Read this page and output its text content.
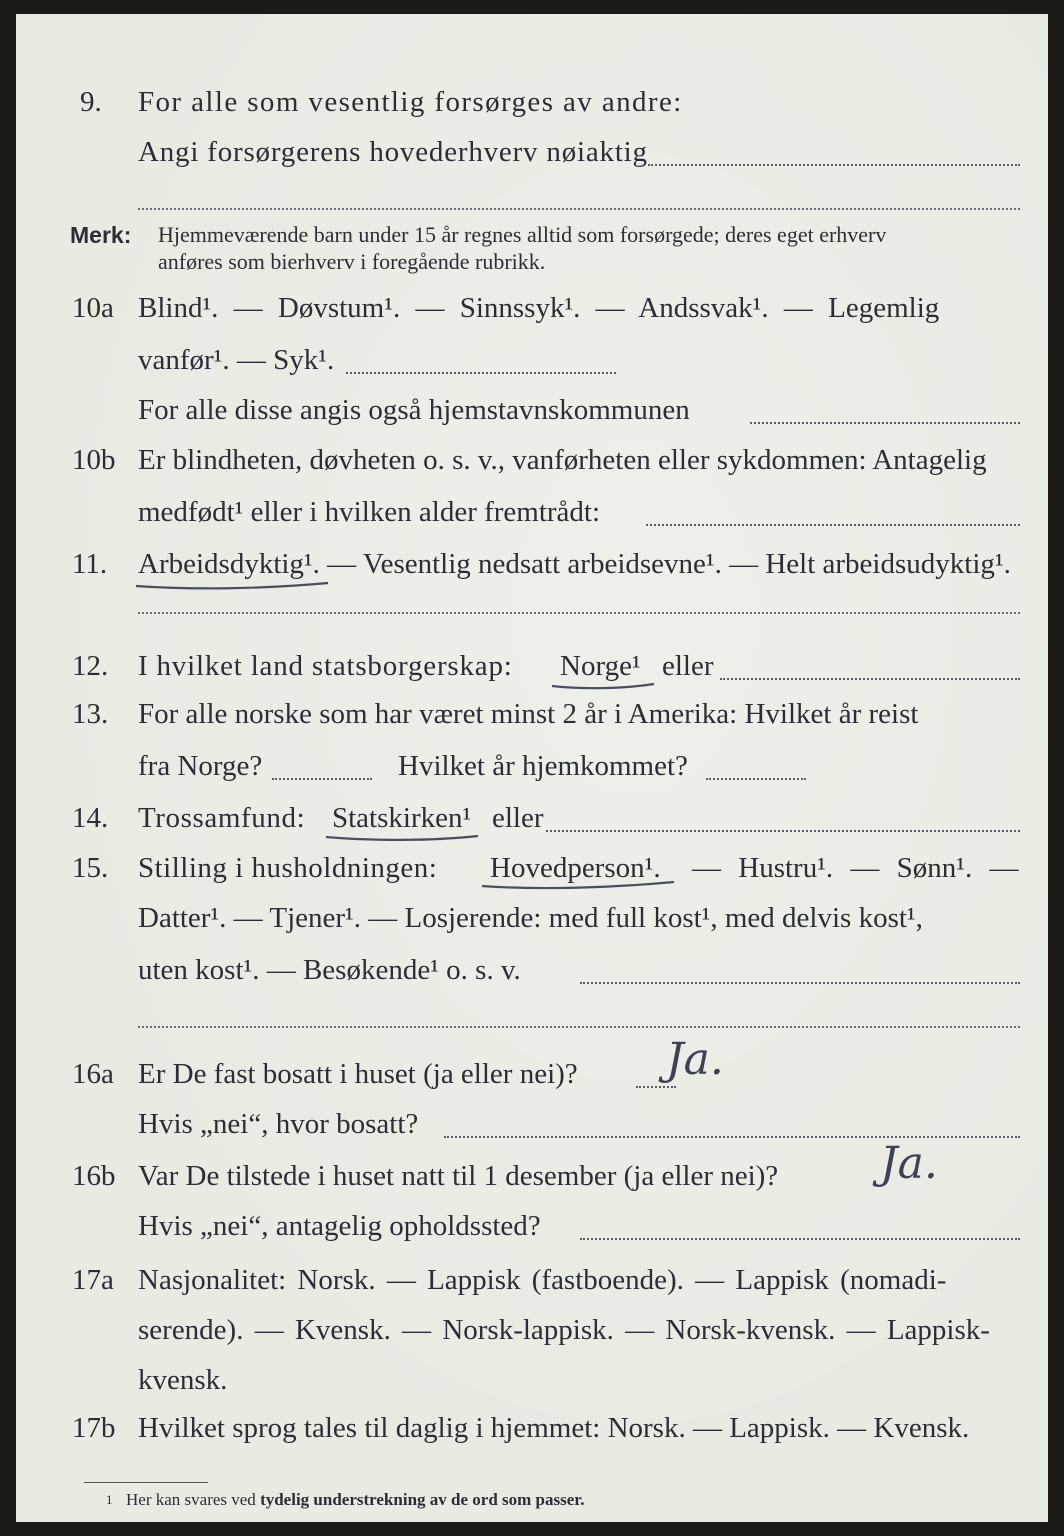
9. For alle som vesentlig forsørges av andre:
Angi forsørgerens hovederhverv nøiaktig
Merk: Hjemmeværende barn under 15 år regnes alltid som forsørgede; deres eget erhverv
anføres som bierhverv i foregående rubrikk.
10a Blind¹. — Døvstum¹. — Sinnssyk¹. — Andssvak¹. — Legemlig
vanfør¹. — Syk¹.
For alle disse angis også hjemstavnskommunen
10b Er blindheten, døvheten o. s. v., vanførheten eller sykdommen: Antagelig
medfødt¹ eller i hvilken alder fremtrådt:
11. Arbeidsdyktig¹. — Vesentlig nedsatt arbeidsevne¹. — Helt arbeidsudyktig¹.
12. I hvilket land statsborgerskap: Norge¹ eller
13. For alle norske som har været minst 2 år i Amerika: Hvilket år reist
fra Norge?	Hvilket år hjemkommet?
14. Trossamfund: Statskirken¹ eller
15. Stilling i husholdningen: Hovedperson¹. — Hustru¹. — Sønn¹. —
Datter¹. — Tjener¹. — Losjerende: med full kost¹, med delvis kost¹,
uten kost¹. — Besøkende¹ o. s. v.
16a Er De fast bosatt i huset (ja eller nei)? Ja.
Hvis „nei“, hvor bosatt?
16b Var De tilstede i huset natt til 1 desember (ja eller nei)? Ja.
Hvis „nei“, antagelig opholdssted?
17a Nasjonalitet: Norsk. — Lappisk (fastboende). — Lappisk (nomadi-
serende). — Kvensk. — Norsk-lappisk. — Norsk-kvensk. — Lappisk-
kvensk.
17b Hvilket sprog tales til daglig i hjemmet: Norsk. — Lappisk. — Kvensk.
1 Her kan svares ved tydelig understrekning av de ord som passer.
